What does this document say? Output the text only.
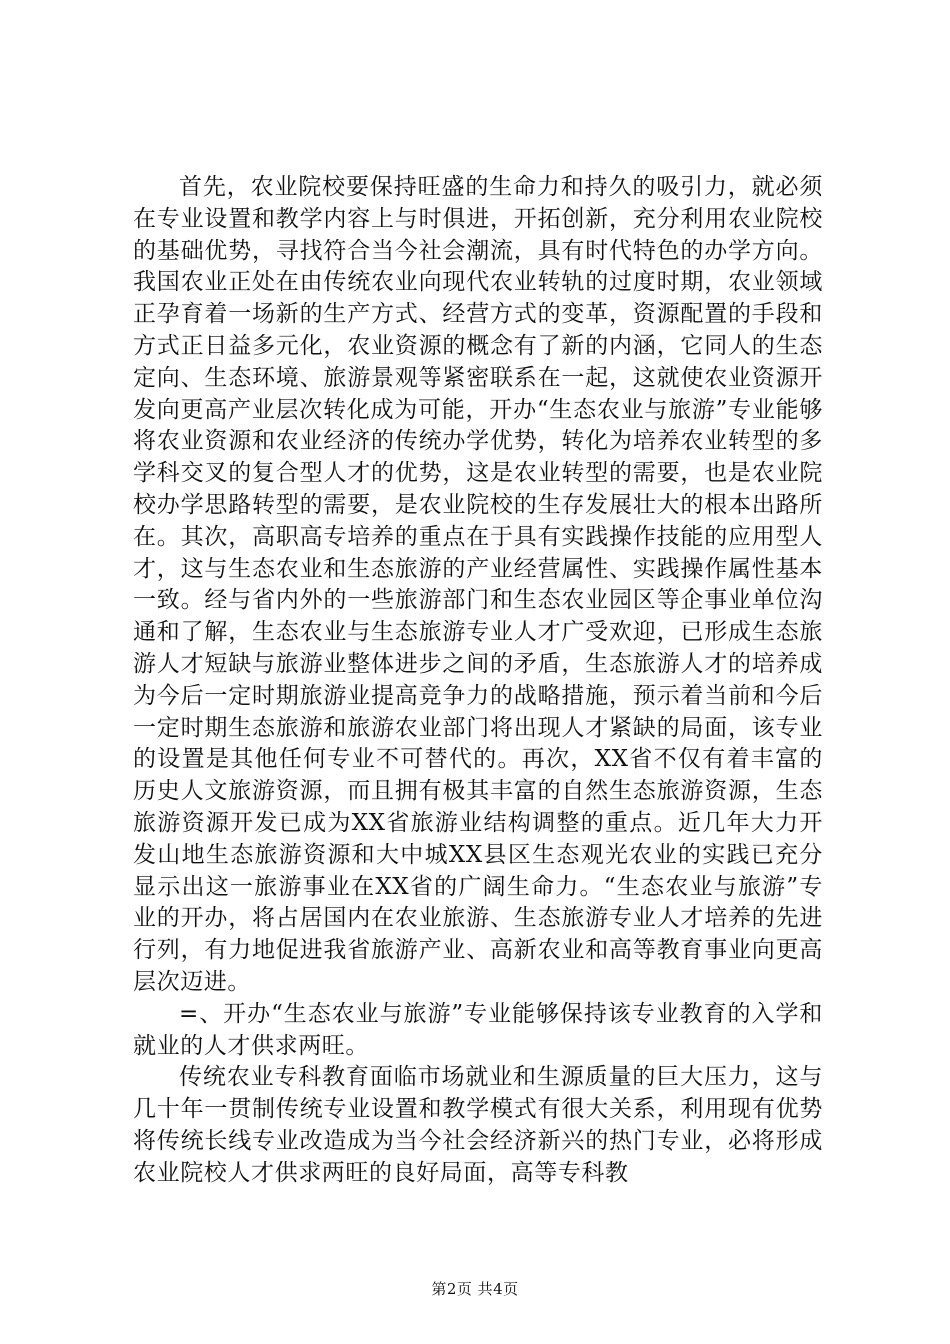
首先，农业院校要保持旺盛的生命力和持久的吸引力，就必须在专业设置和教学内容上与时俱进，开拓创新，充分利用农业院校的基础优势，寻找符合当今社会潮流，具有时代特色的办学方向。我国农业正处在由传统农业向现代农业转轨的过度时期，农业领域正孕育着一场新的生产方式、经营方式的变革，资源配置的手段和方式正日益多元化，农业资源的概念有了新的内涵，它同人的生态定向、生态环境、旅游景观等紧密联系在一起，这就使农业资源开发向更高产业层次转化成为可能，开办“生态农业与旅游”专业能够将农业资源和农业经济的传统办学优势，转化为培养农业转型的多学科交叉的复合型人才的优势，这是农业转型的需要，也是农业院校办学思路转型的需要，是农业院校的生存发展壮大的根本出路所在。其次，高职高专培养的重点在于具有实践操作技能的应用型人才，这与生态农业和生态旅游的产业经营属性、实践操作属性基本一致。经与省内外的一些旅游部门和生态农业园区等企事业单位沟通和了解，生态农业与生态旅游专业人才广受欢迎，已形成生态旅游人才短缺与旅游业整体进步之间的矛盾，生态旅游人才的培养成为今后一定时期旅游业提高竞争力的战略措施，预示着当前和今后一定时期生态旅游和旅游农业部门将出现人才紧缺的局面，该专业的设置是其他任何专业不可替代的。再次，XX省不仅有着丰富的历史人文旅游资源，而且拥有极其丰富的自然生态旅游资源，生态旅游资源开发已成为XX省旅游业结构调整的重点。近几年大力开发山地生态旅游资源和大中城XX县区生态观光农业的实践已充分显示出这一旅游事业在XX省的广阔生命力。“生态农业与旅游”专业的开办，将占居国内在农业旅游、生态旅游专业人才培养的先进行列，有力地促进我省旅游产业、高新农业和高等教育事业向更高层次迈进。

=、开办“生态农业与旅游”专业能够保持该专业教育的入学和就业的人才供求两旺。

传统农业专科教育面临市场就业和生源质量的巨大压力，这与几十年一贯制传统专业设置和教学模式有很大关系，利用现有优势将传统长线专业改造成为当今社会经济新兴的热门专业，必将形成农业院校人才供求两旺的良好局面，高等专科教

第2页 共4页
